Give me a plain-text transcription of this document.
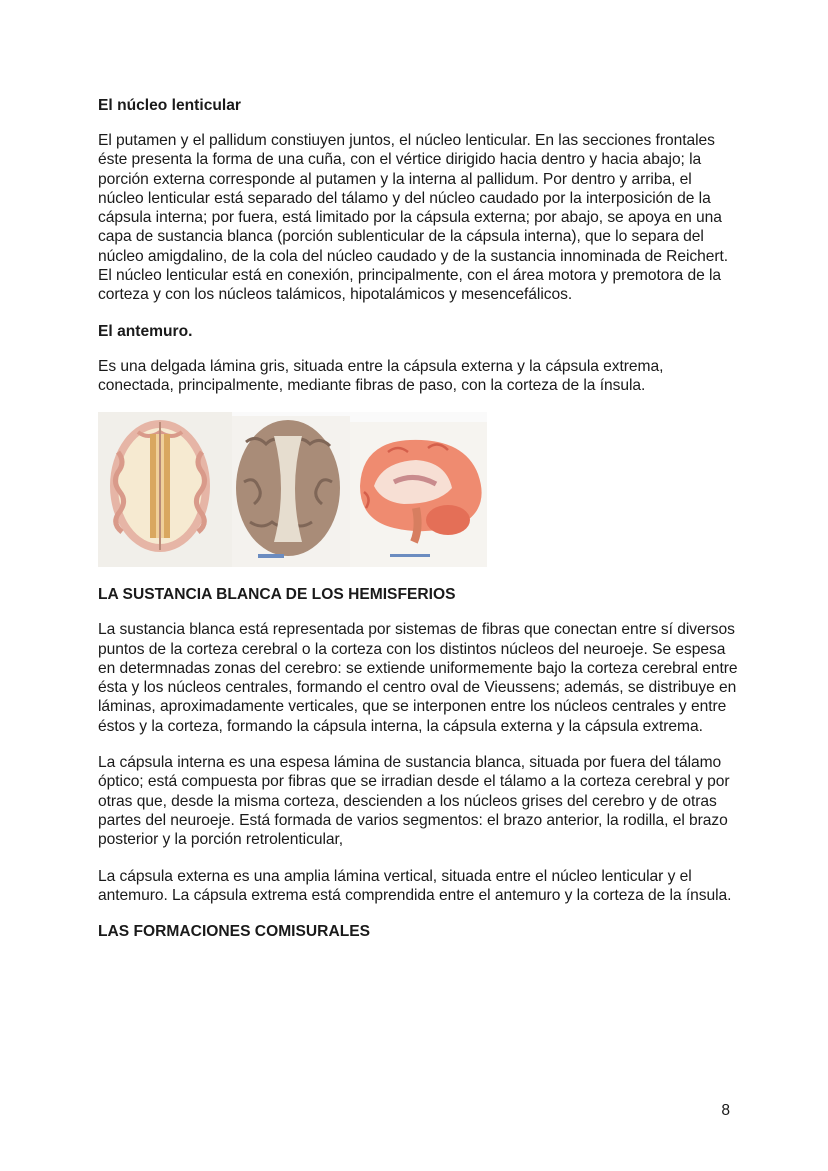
El núcleo lenticular

El putamen y el pallidum constiuyen juntos, el núcleo lenticular. En las secciones frontales éste presenta la forma de una cuña, con el vértice dirigido hacia dentro y hacia abajo; la porción externa corresponde al putamen y la interna al pallidum. Por dentro y arriba, el núcleo lenticular está separado del tálamo y del núcleo caudado por la interposición de la cápsula interna; por fuera, está limitado por la cápsula externa; por abajo, se apoya en una capa de sustancia blanca (porción sublenticular de la cápsula interna), que lo separa del núcleo amigdalino, de la cola del núcleo caudado y de la sustancia innominada de Reichert. El núcleo lenticular está en conexión, principalmente, con el área motora y premotora de la corteza y con los núcleos talámicos, hipotalámicos y mesencefálicos.

El antemuro.

Es una delgada lámina gris, situada entre la cápsula externa y la cápsula extrema, conectada, principalmente, mediante fibras de paso, con la corteza de la ínsula.

LA SUSTANCIA BLANCA DE LOS HEMISFERIOS

La sustancia blanca está representada por sistemas de fibras que conectan entre sí diversos puntos de la corteza cerebral o la corteza con los distintos núcleos del neuroeje. Se espesa en determnadas zonas del cerebro: se extiende uniformemente bajo la corteza cerebral entre ésta y los núcleos centrales, formando el centro oval de Vieussens; además, se distribuye en láminas, aproximadamente verticales, que se interponen entre los núcleos centrales y entre éstos y la corteza, formando la cápsula interna, la cápsula externa y la cápsula extrema.

La cápsula interna es una espesa lámina de sustancia blanca, situada por fuera del tálamo óptico; está compuesta por fibras que se irradian desde el tálamo a la corteza cerebral y por otras que, desde la misma corteza, descienden a los núcleos grises del cerebro y de otras partes del neuroeje. Está formada de varios segmentos: el brazo anterior, la rodilla, el brazo posterior y la porción retrolenticular,

La cápsula externa es una amplia lámina vertical, situada entre el núcleo lenticular y el antemuro. La cápsula extrema está comprendida entre el antemuro y la corteza de la ínsula.

LAS FORMACIONES COMISURALES
8
